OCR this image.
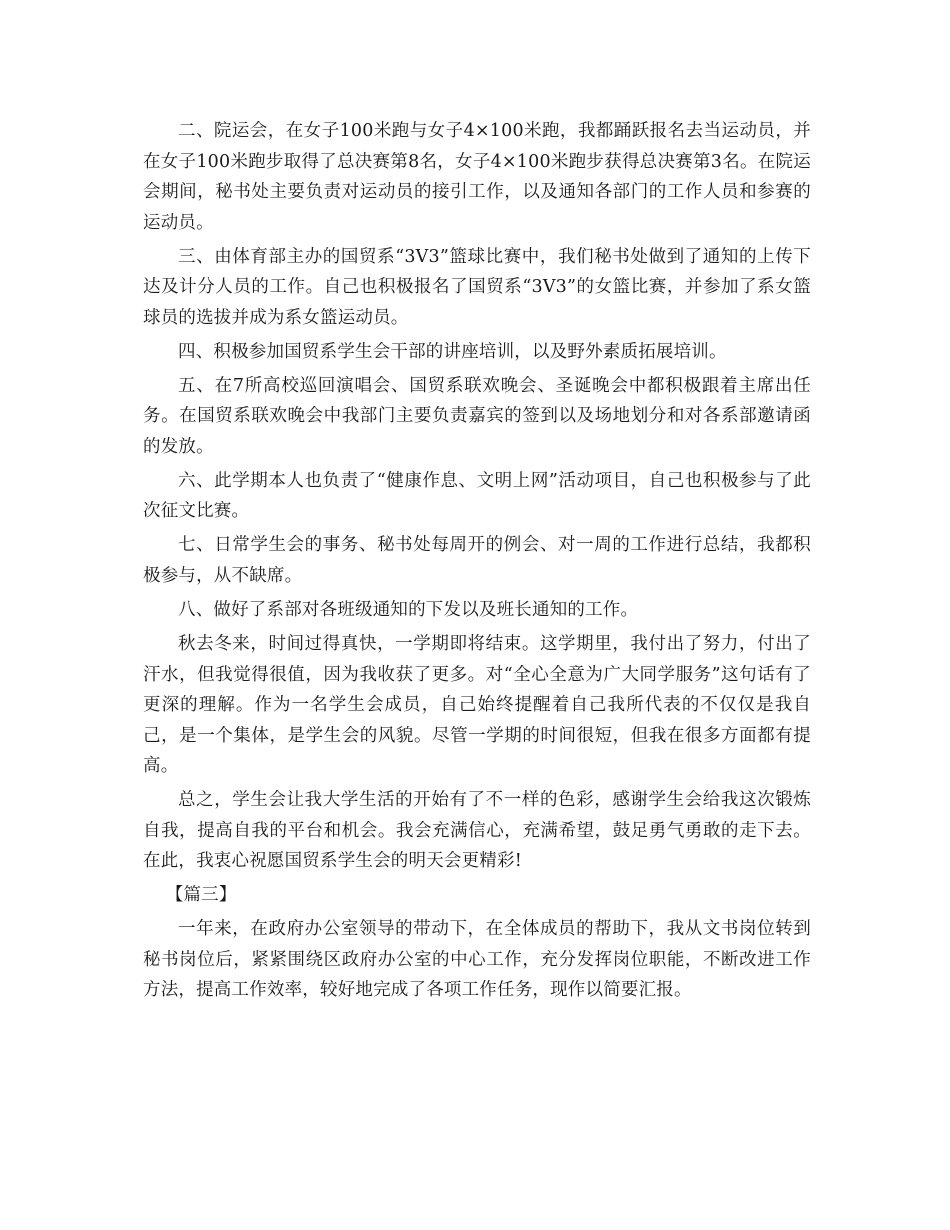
二、院运会，在女子100米跑与女子4×100米跑，我都踊跃报名去当运动员，并在女子100米跑步取得了总决赛第8名，女子4×100米跑步获得总决赛第3名。在院运会期间，秘书处主要负责对运动员的接引工作，以及通知各部门的工作人员和参赛的运动员。

三、由体育部主办的国贸系“3V3”篮球比赛中，我们秘书处做到了通知的上传下达及计分人员的工作。自己也积极报名了国贸系“3V3”的女篮比赛，并参加了系女篮球员的选拔并成为系女篮运动员。

四、积极参加国贸系学生会干部的讲座培训，以及野外素质拓展培训。

五、在7所高校巡回演唱会、国贸系联欢晚会、圣诞晚会中都积极跟着主席出任务。在国贸系联欢晚会中我部门主要负责嘉宾的签到以及场地划分和对各系部邀请函的发放。

六、此学期本人也负责了“健康作息、文明上网”活动项目，自己也积极参与了此次征文比赛。

七、日常学生会的事务、秘书处每周开的例会、对一周的工作进行总结，我都积极参与，从不缺席。

八、做好了系部对各班级通知的下发以及班长通知的工作。

秋去冬来，时间过得真快，一学期即将结束。这学期里，我付出了努力，付出了汗水，但我觉得很值，因为我收获了更多。对“全心全意为广大同学服务”这句话有了更深的理解。作为一名学生会成员，自己始终提醒着自己我所代表的不仅仅是我自己，是一个集体，是学生会的风貌。尽管一学期的时间很短，但我在很多方面都有提高。

总之，学生会让我大学生活的开始有了不一样的色彩，感谢学生会给我这次锻炼自我，提高自我的平台和机会。我会充满信心，充满希望，鼓足勇气勇敢的走下去。在此，我衷心祝愿国贸系学生会的明天会更精彩!

【篇三】

一年来，在政府办公室领导的带动下，在全体成员的帮助下，我从文书岗位转到秘书岗位后，紧紧围绕区政府办公室的中心工作，充分发挥岗位职能，不断改进工作方法，提高工作效率，较好地完成了各项工作任务，现作以简要汇报。
